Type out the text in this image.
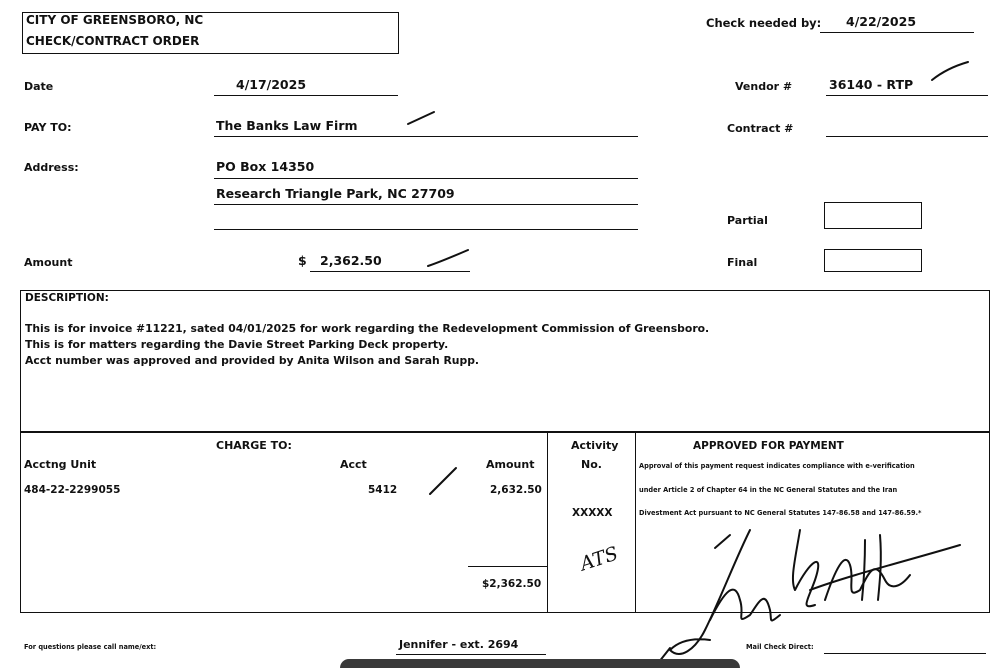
CITY OF GREENSBORO, NC
CHECK/CONTRACT ORDER
Check needed by: 4/22/2025
Date	4/17/2025	Vendor #	36140 - RTP
PAY TO:	The Banks Law Firm	Contract #
Address:	PO Box 14350
Research Triangle Park, NC 27709
Partial
Final
Amount	$ 2,362.50
DESCRIPTION:
This is for invoice #11221, sated 04/01/2025 for work regarding the Redevelopment Commission of Greensboro.
This is for matters regarding the Davie Street Parking Deck property.
Acct number was approved and provided by Anita Wilson and Sarah Rupp.
CHARGE TO:
Acctng Unit	Acct	Amount
Activity
No.
484-22-2299055	5412	2,632.50
XXXXX
$2,362.50
ATS
APPROVED FOR PAYMENT
Approval of this payment request indicates compliance with e-verification
under Article 2 of Chapter 64 in the NC General Statutes and the Iran
Divestment Act pursuant to NC General Statutes 147-86.58 and 147-86.59.*
For questions please call name/ext:	Jennifer - ext. 2694	Mail Check Direct:
